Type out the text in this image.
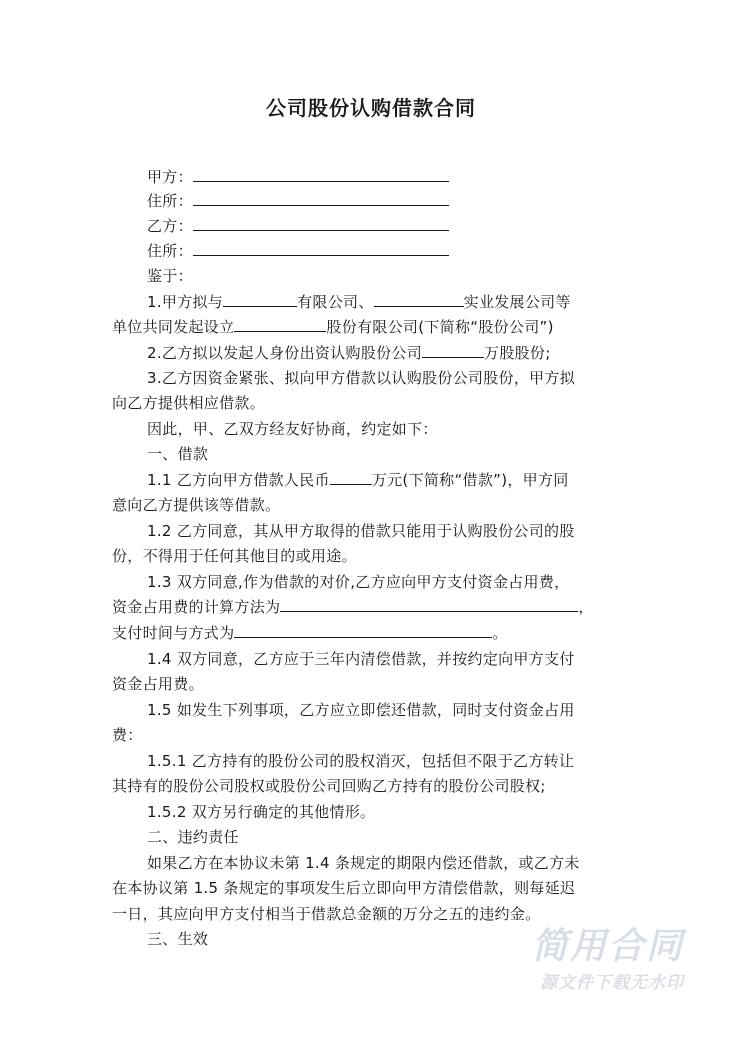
公司股份认购借款合同
甲方：
住所：
乙方：
住所：
鉴于：
1.甲方拟与	有限公司、	实业发展公司等
单位共同发起设立	股份有限公司(下简称“股份公司”)
2.乙方拟以发起人身份出资认购股份公司	万股股份;
3.乙方因资金紧张、拟向甲方借款以认购股份公司股份，甲方拟
向乙方提供相应借款。
因此，甲、乙双方经友好协商，约定如下：
一、借款
1.1 乙方向甲方借款人民币	万元(下简称“借款”)，甲方同
意向乙方提供该等借款。
1.2 乙方同意，其从甲方取得的借款只能用于认购股份公司的股
份，不得用于任何其他目的或用途。
1.3 双方同意,作为借款的对价,乙方应向甲方支付资金占用费，
资金占用费的计算方法为	，
支付时间与方式为	。
1.4 双方同意，乙方应于三年内清偿借款，并按约定向甲方支付
资金占用费。
1.5 如发生下列事项，乙方应立即偿还借款，同时支付资金占用
费：
1.5.1 乙方持有的股份公司的股权消灭，包括但不限于乙方转让
其持有的股份公司股权或股份公司回购乙方持有的股份公司股权;
1.5.2 双方另行确定的其他情形。
二、违约责任
如果乙方在本协议未第 1.4 条规定的期限内偿还借款，或乙方未
在本协议第 1.5 条规定的事项发生后立即向甲方清偿借款，则每延迟
一日，其应向甲方支付相当于借款总金额的万分之五的违约金。
三、生效	简用合同
源文件下载无水印
